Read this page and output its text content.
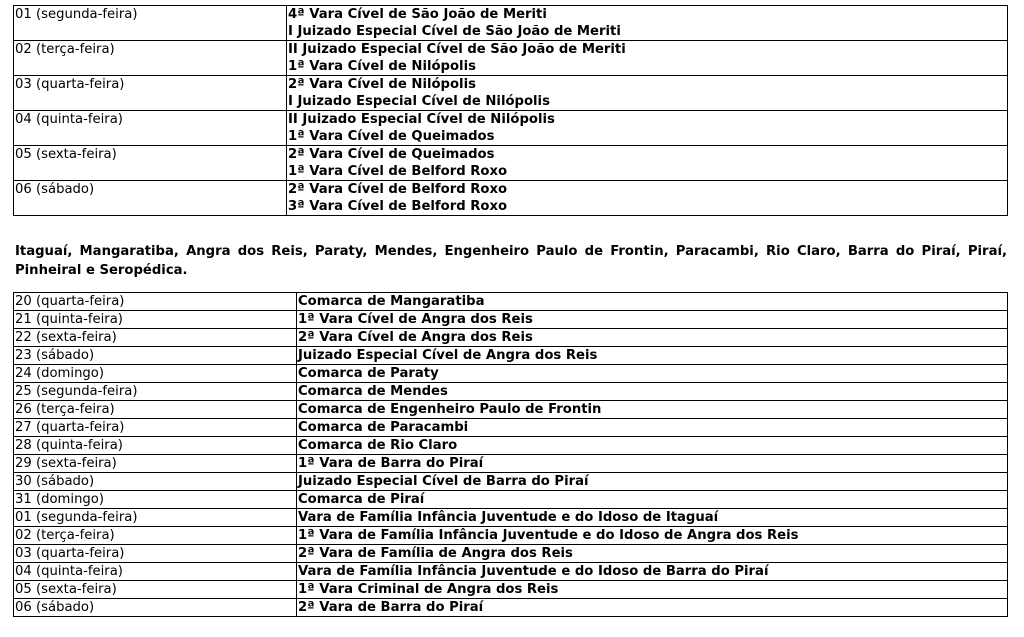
01 (segunda-feira)	4ª Vara Cível de São João de Meriti
I Juizado Especial Cível de São João de Meriti

02 (terça-feira)	II Juizado Especial Cível de São João de Meriti
1ª Vara Cível de Nilópolis

03 (quarta-feira)	2ª Vara Cível de Nilópolis
I Juizado Especial Cível de Nilópolis

04 (quinta-feira)	II Juizado Especial Cível de Nilópolis
1ª Vara Cível de Queimados

05 (sexta-feira)	2ª Vara Cível de Queimados
1ª Vara Cível de Belford Roxo

06 (sábado)	2ª Vara Cível de Belford Roxo
3ª Vara Cível de Belford Roxo
Itaguaí, Mangaratiba, Angra dos Reis, Paraty, Mendes, Engenheiro Paulo de Frontin, Paracambi, Rio Claro, Barra do Piraí, Piraí, Pinheiral e Seropédica.
20 (quarta-feira)	Comarca de Mangaratiba
21 (quinta-feira)	1ª Vara Cível de Angra dos Reis
22 (sexta-feira)	2ª Vara Cível de Angra dos Reis
23 (sábado)	Juizado Especial Cível de Angra dos Reis
24 (domingo)	Comarca de Paraty
25 (segunda-feira)	Comarca de Mendes
26 (terça-feira)	Comarca de Engenheiro Paulo de Frontin
27 (quarta-feira)	Comarca de Paracambi
28 (quinta-feira)	Comarca de Rio Claro
29 (sexta-feira)	1ª Vara de Barra do Piraí
30 (sábado)	Juizado Especial Cível de Barra do Piraí
31 (domingo)	Comarca de Piraí
01 (segunda-feira)	Vara de Família Infância Juventude e do Idoso de Itaguaí
02 (terça-feira)	1ª Vara de Família Infância Juventude e do Idoso de Angra dos Reis
03 (quarta-feira)	2ª Vara de Família de Angra dos Reis
04 (quinta-feira)	Vara de Família Infância Juventude e do Idoso de Barra do Piraí
05 (sexta-feira)	1ª Vara Criminal de Angra dos Reis
06 (sábado)	2ª Vara de Barra do Piraí
